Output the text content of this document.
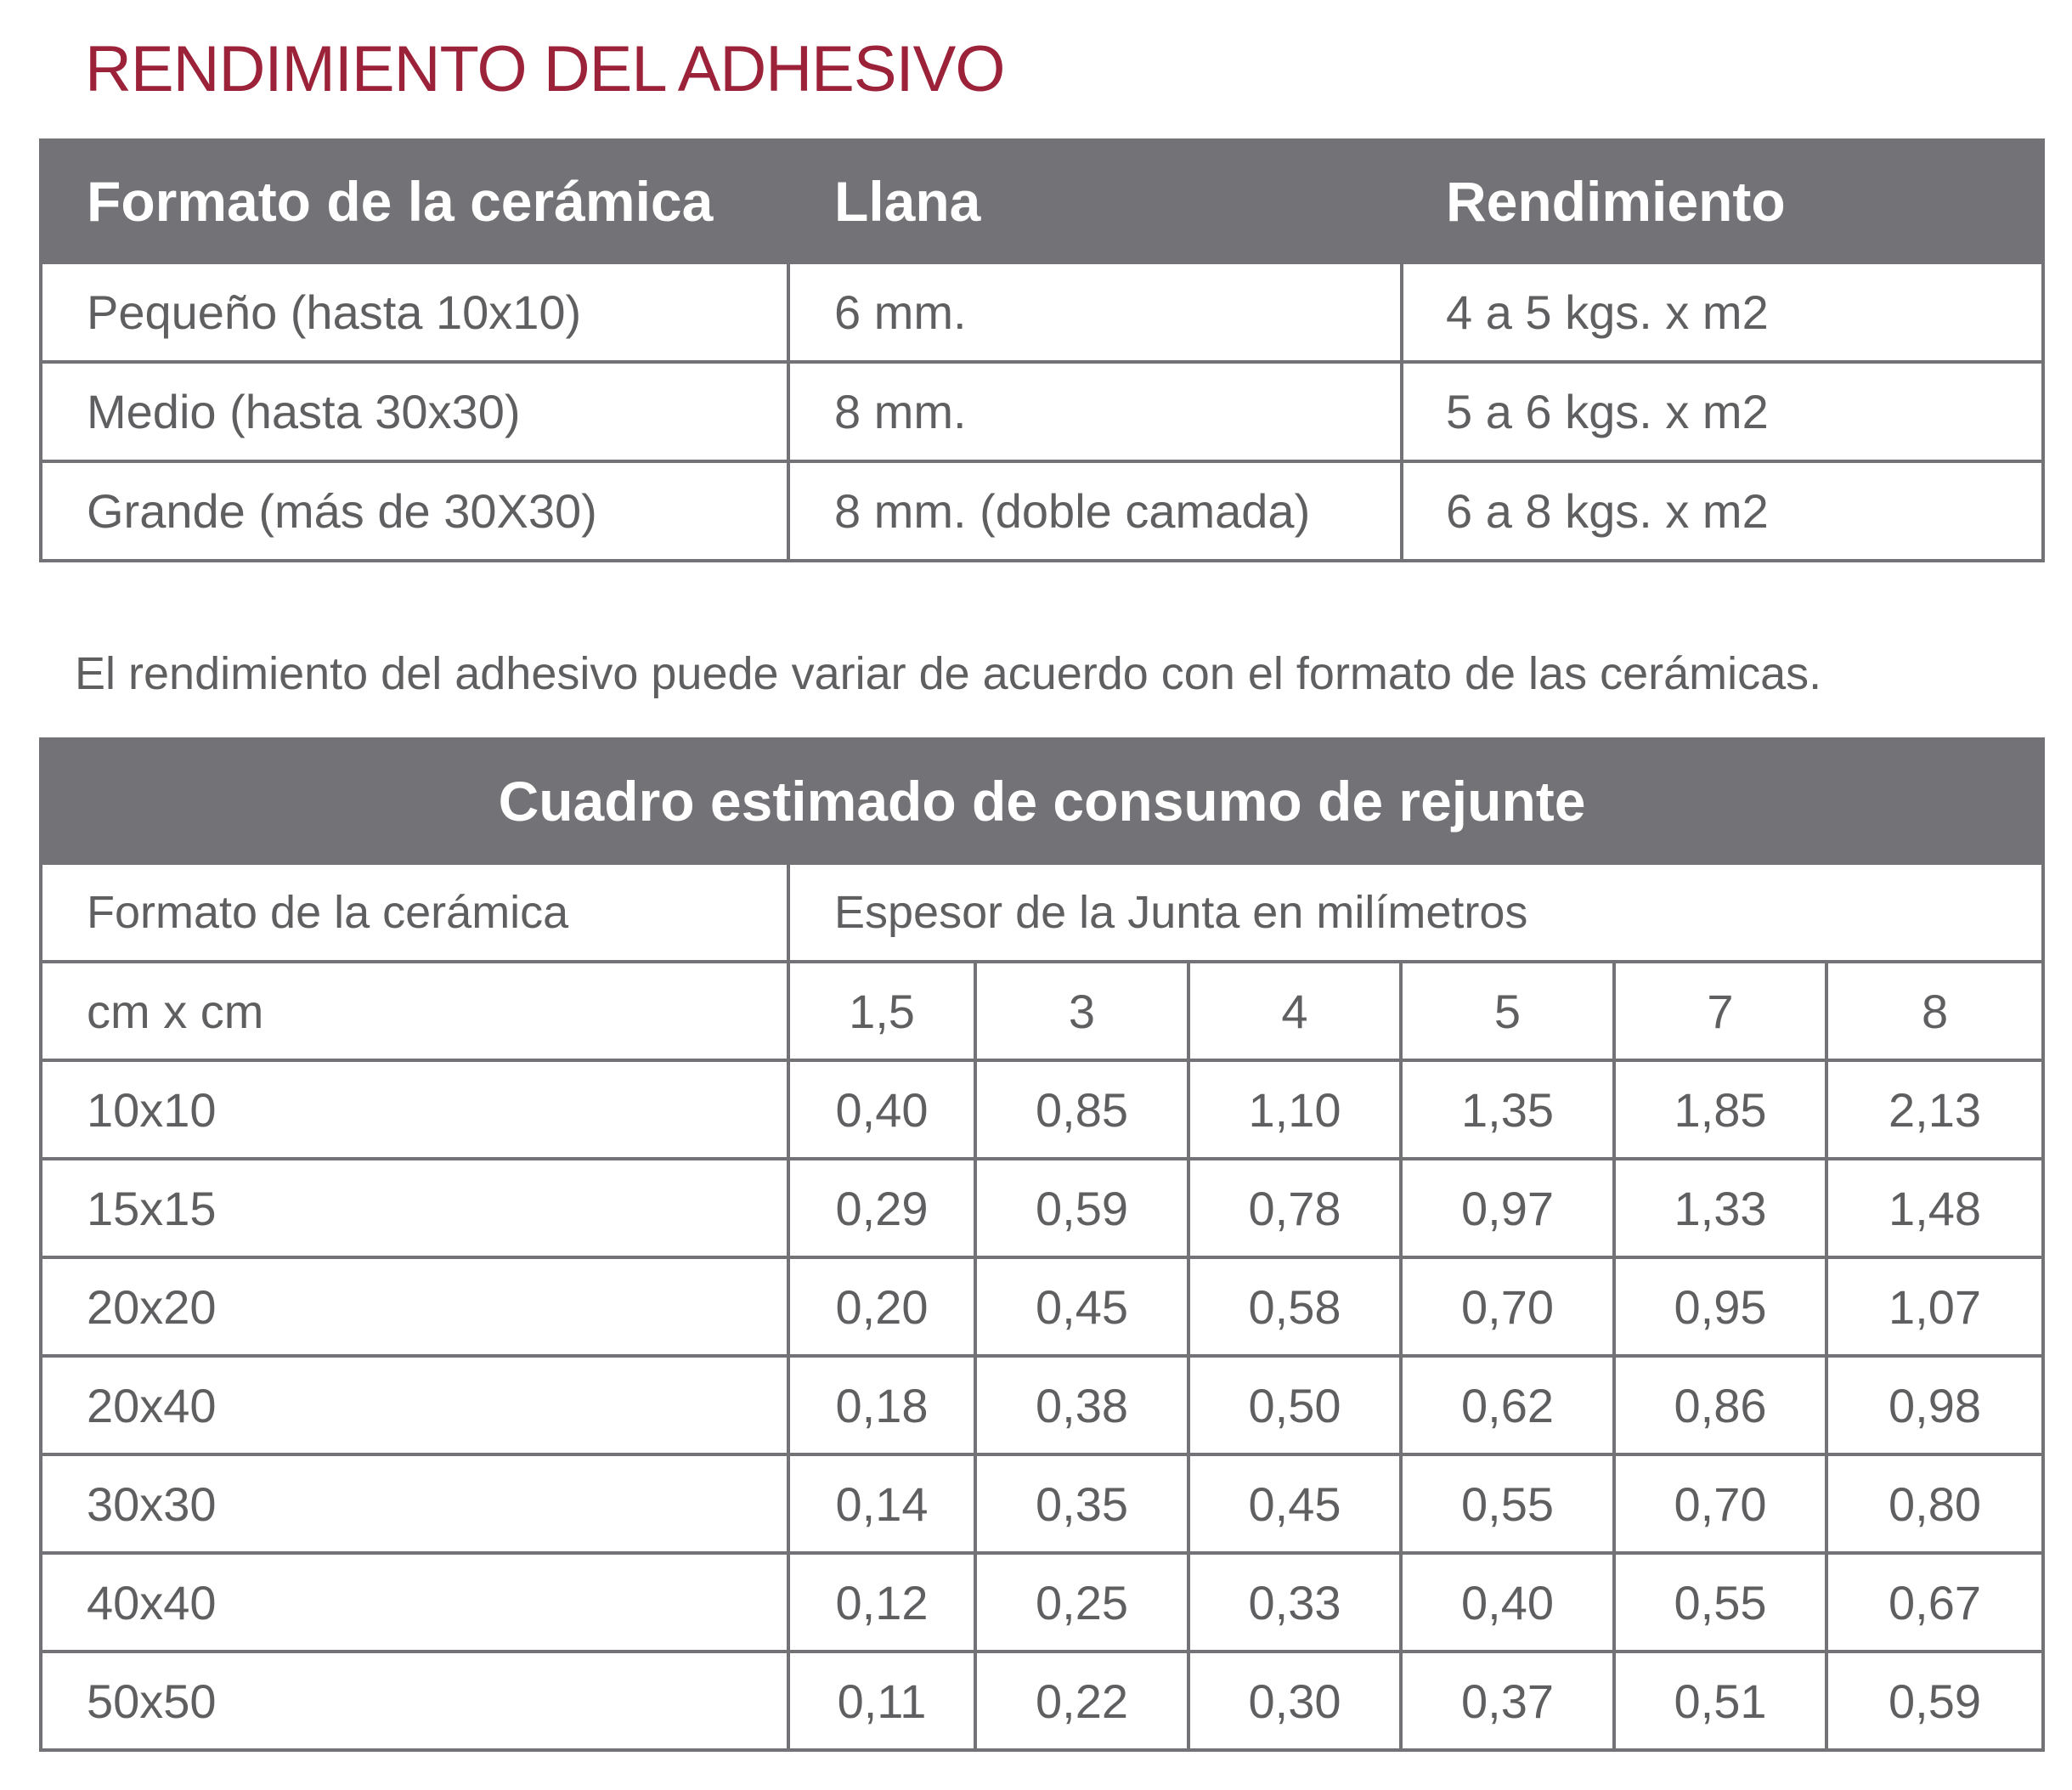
RENDIMIENTO DEL ADHESIVO
Formato de la cerámica	Llana	Rendimiento
Pequeño (hasta 10x10)	6 mm.	4 a 5 kgs. x m2
Medio (hasta 30x30)	8 mm.	5 a 6 kgs. x m2
Grande (más de 30X30)	8 mm. (doble camada)	6 a 8 kgs. x m2
El rendimiento del adhesivo puede variar de acuerdo con el formato de las cerámicas.
Cuadro estimado de consumo de rejunte						
Formato de la cerámica	Espesor de la Junta en milímetros					
cm x cm	1,5	3	4	5	7	8
10x10	0,40	0,85	1,10	1,35	1,85	2,13
15x15	0,29	0,59	0,78	0,97	1,33	1,48
20x20	0,20	0,45	0,58	0,70	0,95	1,07
20x40	0,18	0,38	0,50	0,62	0,86	0,98
30x30	0,14	0,35	0,45	0,55	0,70	0,80
40x40	0,12	0,25	0,33	0,40	0,55	0,67
50x50	0,11	0,22	0,30	0,37	0,51	0,59
